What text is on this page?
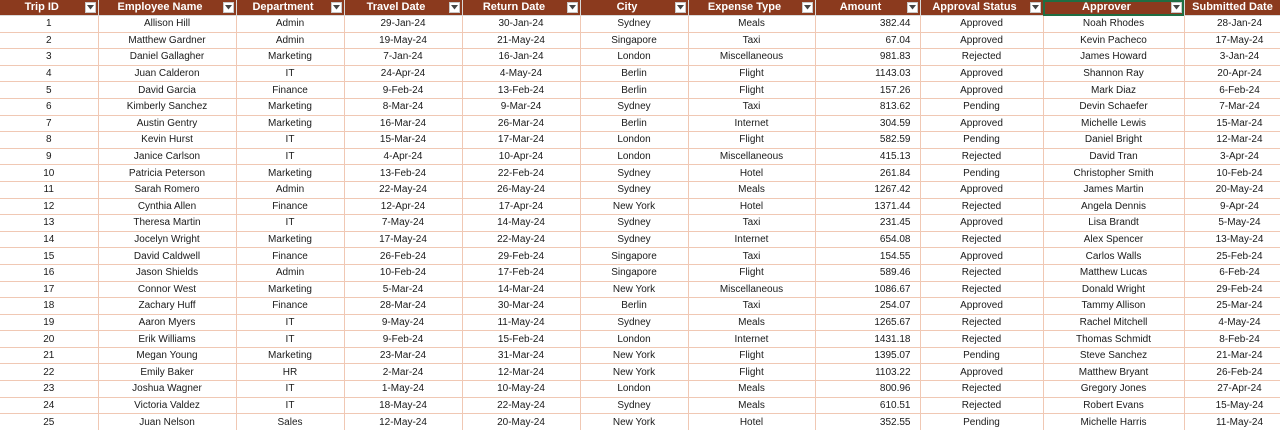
Trip ID	Employee Name	Department	Travel Date	Return Date	City	Expense Type	Amount	Approval Status	Approver	Submitted Date

1	Allison Hill	Admin	29-Jan-24	30-Jan-24	Sydney	Meals	382.44	Approved	Noah Rhodes	28-Jan-24
2	Matthew Gardner	Admin	19-May-24	21-May-24	Singapore	Taxi	67.04	Approved	Kevin Pacheco	17-May-24
3	Daniel Gallagher	Marketing	7-Jan-24	16-Jan-24	London	Miscellaneous	981.83	Rejected	James Howard	3-Jan-24
4	Juan Calderon	IT	24-Apr-24	4-May-24	Berlin	Flight	1143.03	Approved	Shannon Ray	20-Apr-24
5	David Garcia	Finance	9-Feb-24	13-Feb-24	Berlin	Flight	157.26	Approved	Mark Diaz	6-Feb-24
6	Kimberly Sanchez	Marketing	8-Mar-24	9-Mar-24	Sydney	Taxi	813.62	Pending	Devin Schaefer	7-Mar-24
7	Austin Gentry	Marketing	16-Mar-24	26-Mar-24	Berlin	Internet	304.59	Approved	Michelle Lewis	15-Mar-24
8	Kevin Hurst	IT	15-Mar-24	17-Mar-24	London	Flight	582.59	Pending	Daniel Bright	12-Mar-24
9	Janice Carlson	IT	4-Apr-24	10-Apr-24	London	Miscellaneous	415.13	Rejected	David Tran	3-Apr-24
10	Patricia Peterson	Marketing	13-Feb-24	22-Feb-24	Sydney	Hotel	261.84	Pending	Christopher Smith	10-Feb-24
11	Sarah Romero	Admin	22-May-24	26-May-24	Sydney	Meals	1267.42	Approved	James Martin	20-May-24
12	Cynthia Allen	Finance	12-Apr-24	17-Apr-24	New York	Hotel	1371.44	Rejected	Angela Dennis	9-Apr-24
13	Theresa Martin	IT	7-May-24	14-May-24	Sydney	Taxi	231.45	Approved	Lisa Brandt	5-May-24
14	Jocelyn Wright	Marketing	17-May-24	22-May-24	Sydney	Internet	654.08	Rejected	Alex Spencer	13-May-24
15	David Caldwell	Finance	26-Feb-24	29-Feb-24	Singapore	Taxi	154.55	Approved	Carlos Walls	25-Feb-24
16	Jason Shields	Admin	10-Feb-24	17-Feb-24	Singapore	Flight	589.46	Rejected	Matthew Lucas	6-Feb-24
17	Connor West	Marketing	5-Mar-24	14-Mar-24	New York	Miscellaneous	1086.67	Rejected	Donald Wright	29-Feb-24
18	Zachary Huff	Finance	28-Mar-24	30-Mar-24	Berlin	Taxi	254.07	Approved	Tammy Allison	25-Mar-24
19	Aaron Myers	IT	9-May-24	11-May-24	Sydney	Meals	1265.67	Rejected	Rachel Mitchell	4-May-24
20	Erik Williams	IT	9-Feb-24	15-Feb-24	London	Internet	1431.18	Rejected	Thomas Schmidt	8-Feb-24
21	Megan Young	Marketing	23-Mar-24	31-Mar-24	New York	Flight	1395.07	Pending	Steve Sanchez	21-Mar-24
22	Emily Baker	HR	2-Mar-24	12-Mar-24	New York	Flight	1103.22	Approved	Matthew Bryant	26-Feb-24
23	Joshua Wagner	IT	1-May-24	10-May-24	London	Meals	800.96	Rejected	Gregory Jones	27-Apr-24
24	Victoria Valdez	IT	18-May-24	22-May-24	Sydney	Meals	610.51	Rejected	Robert Evans	15-May-24
25	Juan Nelson	Sales	12-May-24	20-May-24	New York	Hotel	352.55	Pending	Michelle Harris	11-May-24
